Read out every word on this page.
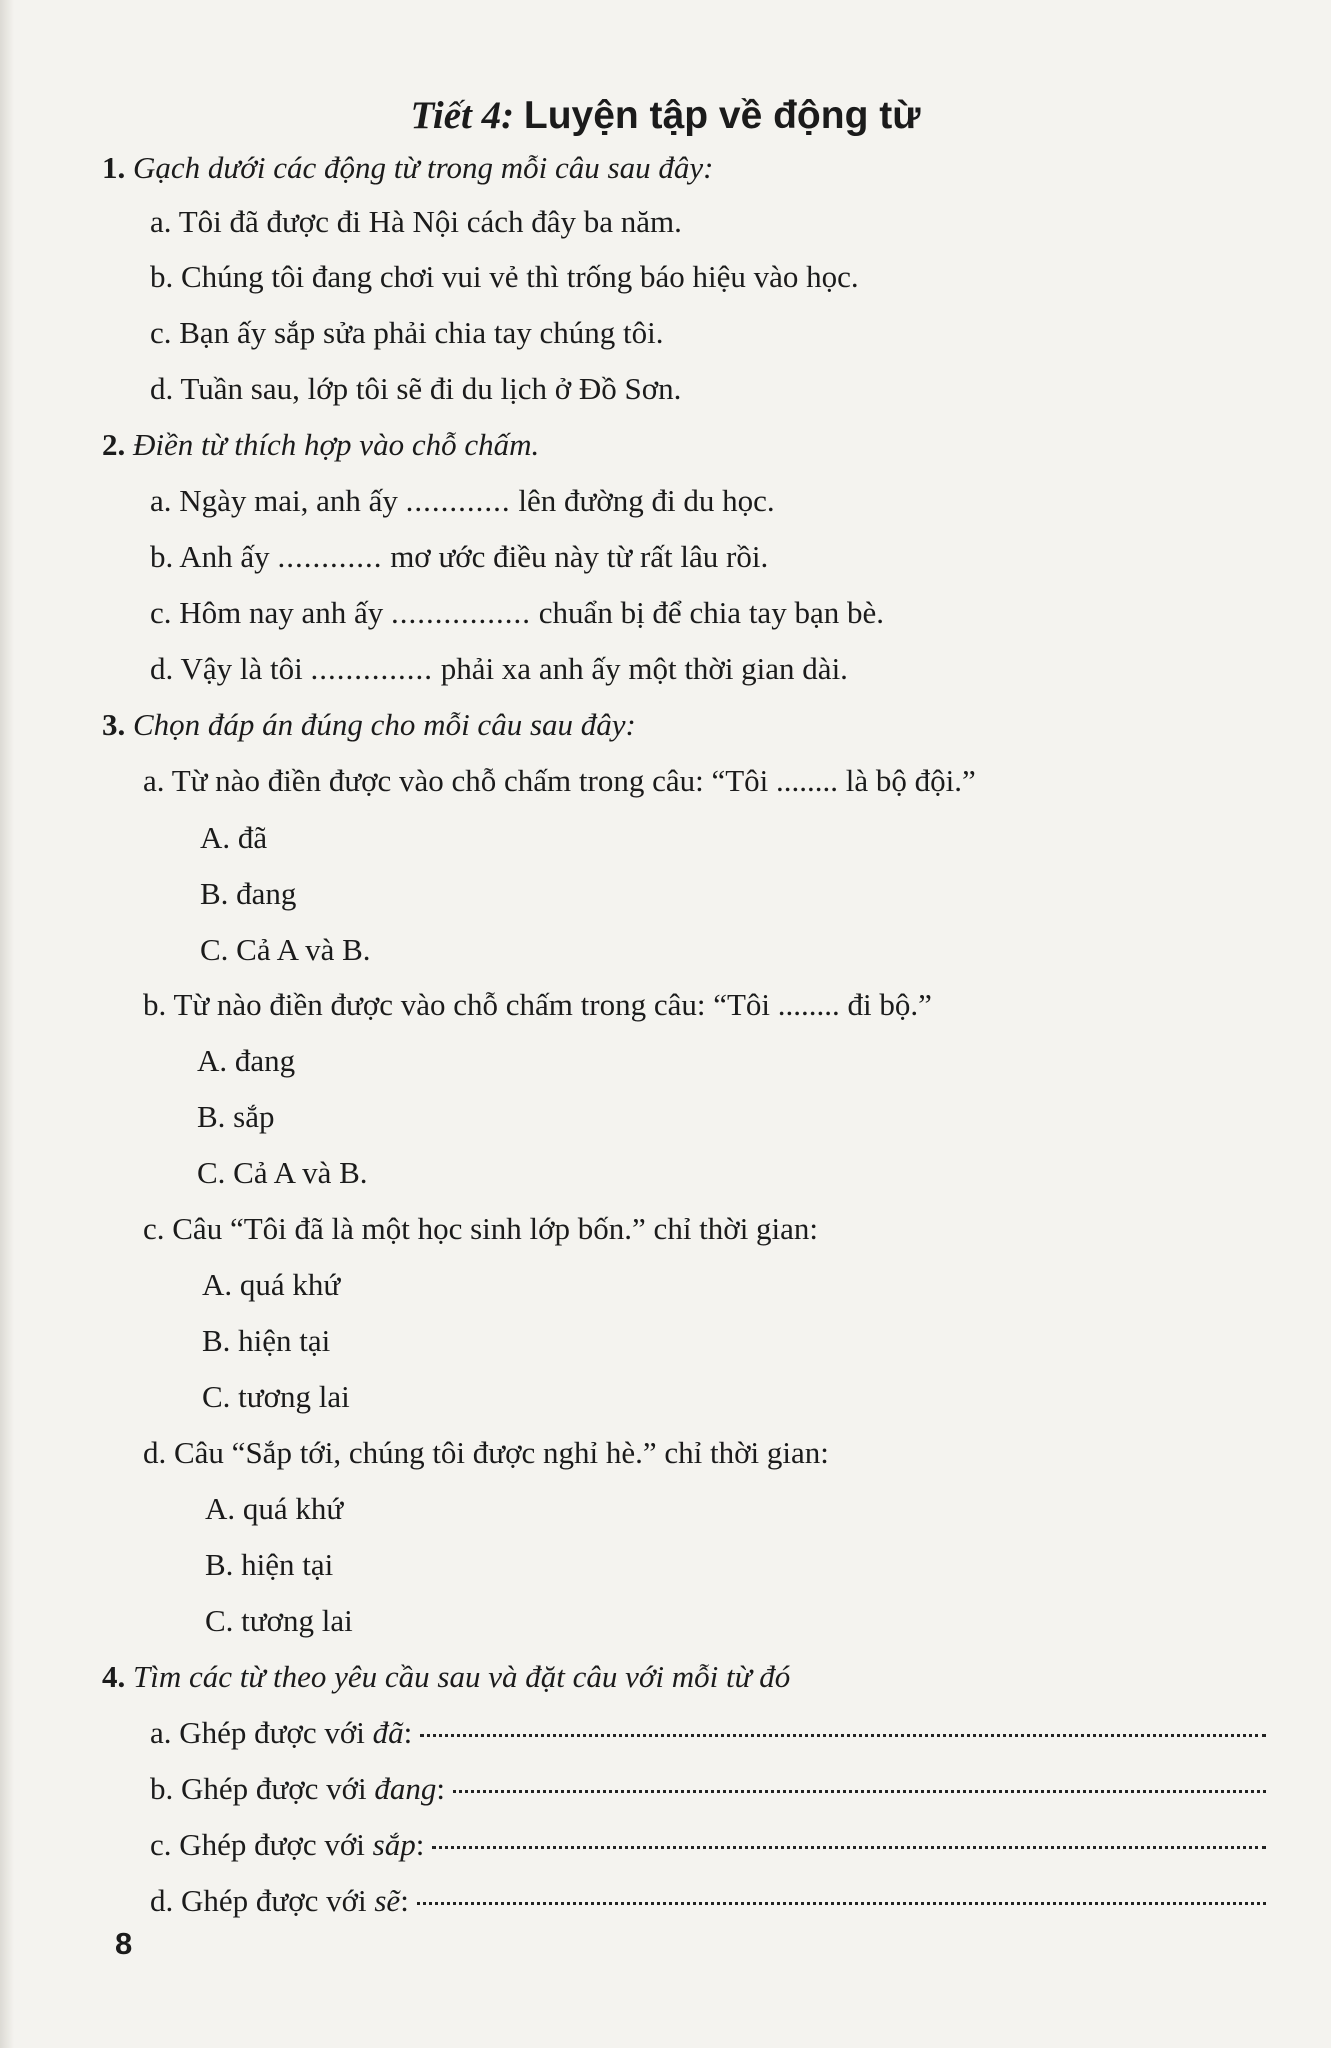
Tiết 4: Luyện tập về động từ
1. Gạch dưới các động từ trong mỗi câu sau đây:
a. Tôi đã được đi Hà Nội cách đây ba năm.
b. Chúng tôi đang chơi vui vẻ thì trống báo hiệu vào học.
c. Bạn ấy sắp sửa phải chia tay chúng tôi.
d. Tuần sau, lớp tôi sẽ đi du lịch ở Đồ Sơn.
2. Điền từ thích hợp vào chỗ chấm.
a. Ngày mai, anh ấy ............ lên đường đi du học.
b. Anh ấy ............ mơ ước điều này từ rất lâu rồi.
c. Hôm nay anh ấy ................ chuẩn bị để chia tay bạn bè.
d. Vậy là tôi .............. phải xa anh ấy một thời gian dài.
3. Chọn đáp án đúng cho mỗi câu sau đây:
a. Từ nào điền được vào chỗ chấm trong câu: “Tôi ........ là bộ đội.”
A. đã
B. đang
C. Cả A và B.
b. Từ nào điền được vào chỗ chấm trong câu: “Tôi ........ đi bộ.”
A. đang
B. sắp
C. Cả A và B.
c. Câu “Tôi đã là một học sinh lớp bốn.” chỉ thời gian:
A. quá khứ
B. hiện tại
C. tương lai
d. Câu “Sắp tới, chúng tôi được nghỉ hè.” chỉ thời gian:
A. quá khứ
B. hiện tại
C. tương lai
4. Tìm các từ theo yêu cầu sau và đặt câu với mỗi từ đó
a. Ghép được với đã:
b. Ghép được với đang:
c. Ghép được với sắp:
d. Ghép được với sẽ:
8
